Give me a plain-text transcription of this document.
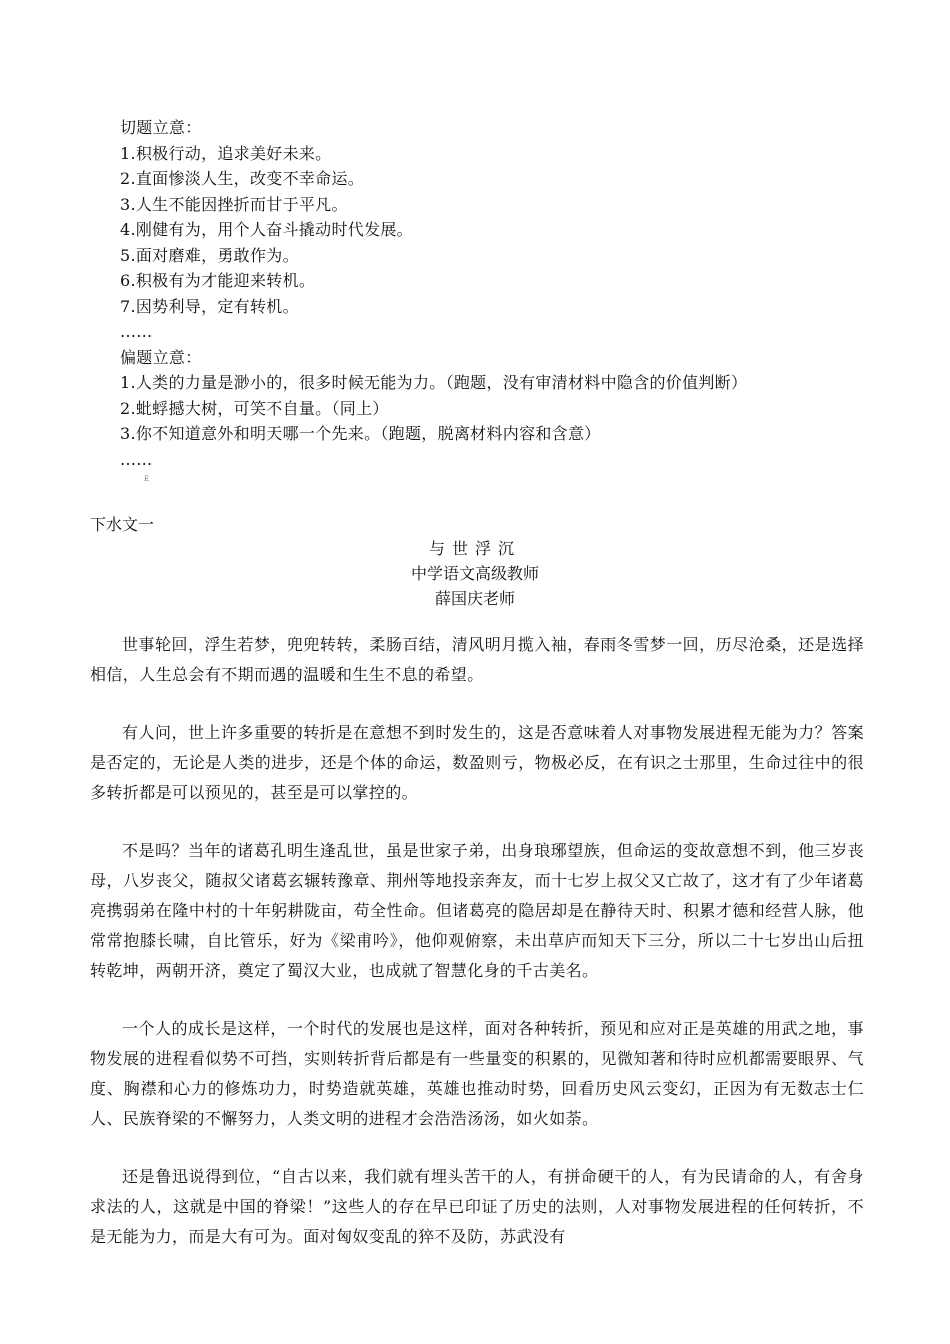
切题立意：
1.积极行动，追求美好未来。
2.直面惨淡人生，改变不幸命运。
3.人生不能因挫折而甘于平凡。
4.刚健有为，用个人奋斗撬动时代发展。
5.面对磨难，勇敢作为。
6.积极有为才能迎来转机。
7.因势利导，定有转机。
……
偏题立意：
1.人类的力量是渺小的，很多时候无能为力。（跑题，没有审清材料中隐含的价值判断）
2.蚍蜉撼大树，可笑不自量。（同上）
3.你不知道意外和明天哪一个先来。（跑题，脱离材料内容和含意）
……
E
下水文一
与世浮沉
中学语文高级教师
薛国庆老师

世事轮回，浮生若梦，兜兜转转，柔肠百结，清风明月揽入袖，春雨冬雪梦一回，历尽沧桑，还是选择相信，人生总会有不期而遇的温暖和生生不息的希望。

有人问，世上许多重要的转折是在意想不到时发生的，这是否意味着人对事物发展进程无能为力？答案是否定的，无论是人类的进步，还是个体的命运，数盈则亏，物极必反，在有识之士那里，生命过往中的很多转折都是可以预见的，甚至是可以掌控的。

不是吗？当年的诸葛孔明生逢乱世，虽是世家子弟，出身琅琊望族，但命运的变故意想不到，他三岁丧母，八岁丧父，随叔父诸葛玄辗转豫章、荆州等地投亲奔友，而十七岁上叔父又亡故了，这才有了少年诸葛亮携弱弟在隆中村的十年躬耕陇亩，苟全性命。但诸葛亮的隐居却是在静待天时、积累才德和经营人脉，他常常抱膝长啸，自比管乐，好为《梁甫吟》，他仰观俯察，未出草庐而知天下三分，所以二十七岁出山后扭转乾坤，两朝开济，奠定了蜀汉大业，也成就了智慧化身的千古美名。

一个人的成长是这样，一个时代的发展也是这样，面对各种转折，预见和应对正是英雄的用武之地，事物发展的进程看似势不可挡，实则转折背后都是有一些量变的积累的，见微知著和待时应机都需要眼界、气度、胸襟和心力的修炼功力，时势造就英雄，英雄也推动时势，回看历史风云变幻，正因为有无数志士仁人、民族脊梁的不懈努力，人类文明的进程才会浩浩汤汤，如火如荼。

还是鲁迅说得到位，“自古以来，我们就有埋头苦干的人，有拼命硬干的人，有为民请命的人，有舍身求法的人，这就是中国的脊梁！”这些人的存在早已印证了历史的法则，人对事物发展进程的任何转折，不是无能为力，而是大有可为。面对匈奴变乱的猝不及防，苏武没有
